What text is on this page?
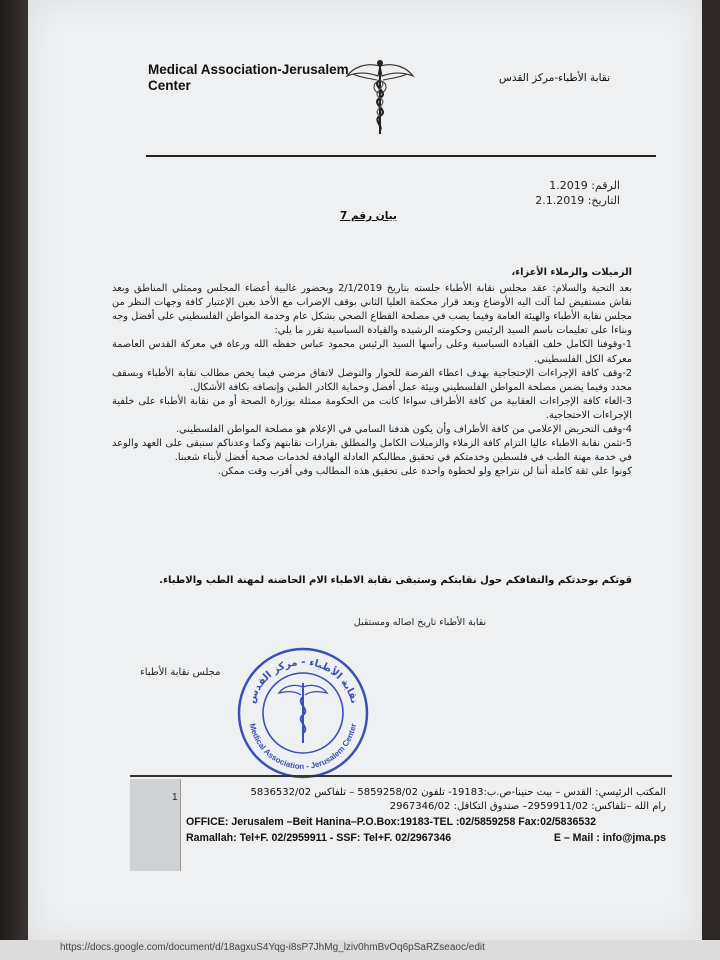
Medical Association-Jerusalem
Center	نقابة الأطباء-مركز القدس
الرقم: 1.2019
التاريخ: 2.1.2019
بيان رقم 7

الزميلات والزملاء الأعزاء،

بعد التحية والسلام: عقد مجلس نقابة الأطباء جلسته بتاريخ 2/1/2019 وبحضور غالبية أعضاء المجلس وممثلي المناطق وبعد نقاش مستفيض لما آلت اليه الأوضاع وبعد قرار محكمة العليا الثاني بوقف الإضراب مع الأخذ بعين الإعتبار كافة وجهات النظر من مجلس نقابة الأطباء والهيئة العامة وفيما يصب في مصلحة القطاع الصحي بشكل عام وخدمة المواطن الفلسطيني على أفضل وجه وبناءا على تعليمات باسم السيد الرئيس وحكومته الرشيده والقيادة السياسية تقرر ما يلي:

1-وقوفنا الكامل خلف القيادة السياسية وعلى رأسها السيد الرئيس محمود عباس حفظه الله ورعاة في معركة القدس العاصمة معركة الكل الفلسطيني.

2-وقف كافة الإجراءات الإحتجاجية بهدف اعطاء الفرصة للحوار والتوصل لاتفاق مرضي فيما يخص مطالب نقابة الأطباء وبسقف محدد وفيما يضمن مصلحة المواطن الفلسطيني وبيئة عمل أفضل وحماية الكادر الطبي وإنصافه بكافة الأشكال.

3-الغاء كافة الإجراءات العقابية من كافة الأطراف سواءا كانت من الحكومة ممثلة بوزارة الصحة أو من نقابة الأطباء على خلفية الإجراءات الاحتجاجية.

4-وقف التحريض الإعلامي من كافة الأطراف وأن يكون هدفنا السامي في الإعلام هو مصلحة المواطن الفلسطيني.

5-تثمن نقابة الاطباء عاليا التزام كافة الزملاء والزميلات الكامل والمطلق بقرارات نقابتهم وكما وعدناكم سنبقى على العهد والوعد في خدمة مهنة الطب في فلسطين وخدمتكم في تحقيق مطالبكم العادلة الهادفة لخدمات صحية أفضل لأبناء شعبنا.

كونوا على ثقة كاملة أننا لن نتراجع ولو لخطوة واحدة على تحقيق هذه المطالب وفي أقرب وقت ممكن.

قوتكم بوحدتكم والتفافكم حول نقابتكم وستبقى نقابة الاطباء الام الحاضنه لمهنة الطب والاطباء.
نقابة الأطباء تاريخ اصاله ومستقبل
مجلس نقابة الأطباء
نقابة الأطباء - مركز القدس
Medical Association - Jerusalem Center
1	المكتب الرئيسي: القدس – بيت حنينا-ص.ب:19183- تلفون 5859258/02 – تلفاكس 5836532/02
رام الله –تلفاكس: 2959911/02– صندوق التكافل: 2967346/02
OFFICE: Jerusalem –Beit Hanina–P.O.Box:19183-TEL :02/5859258 Fax:02/5836532
Ramallah: Tel+F. 02/2959911 - SSF: Tel+F. 02/2967346	E – Mail : info@jma.ps
https://docs.google.com/document/d/18agxuS4Yqg-i8sP7JhMg_lziv0hmBvOq6pSaRZseaoc/edit
